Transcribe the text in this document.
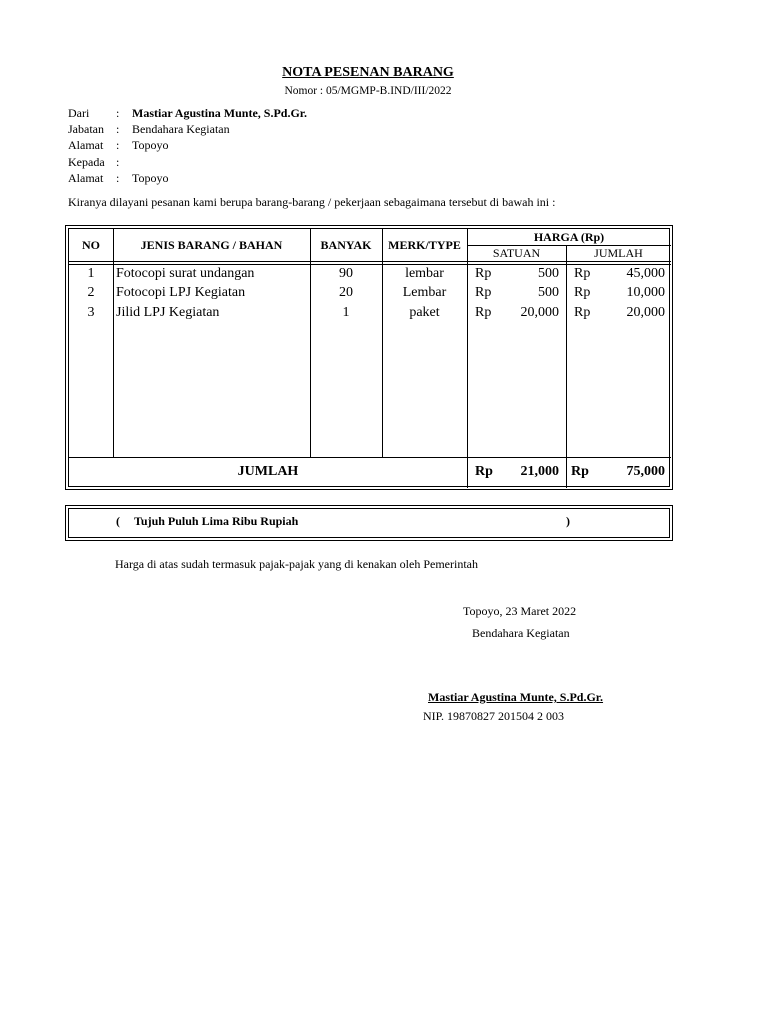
NOTA PESENAN BARANG
Nomor : 05/MGMP-B.IND/III/2022
Dari	:	Mastiar Agustina Munte, S.Pd.Gr.
Jabatan	:	Bendahara Kegiatan
Alamat	:	Topoyo
Kepada :
Alamat	:	Topoyo
Kiranya dilayani pesanan kami berupa barang-barang / pekerjaan sebagaimana tersebut di bawah ini :
NO	JENIS BARANG / BAHAN	BANYAK	MERK/TYPE
HARGA (Rp)
SATUAN	JUMLAH
1	Fotocopi surat undangan	90	lembar	Rp	500 Rp	45,000
2	Fotocopi LPJ Kegiatan	20	Lembar	Rp	500 Rp	10,000
3	Jilid LPJ Kegiatan	1	paket	Rp	20,000 Rp	20,000
JUMLAH	Rp	21,000 Rp	75,000
( Tujuh Puluh Lima Ribu Rupiah	)
Harga di atas sudah termasuk pajak-pajak yang di kenakan oleh Pemerintah
Topoyo, 23 Maret 2022
Bendahara Kegiatan
Mastiar Agustina Munte, S.Pd.Gr.
NIP. 19870827 201504 2 003
